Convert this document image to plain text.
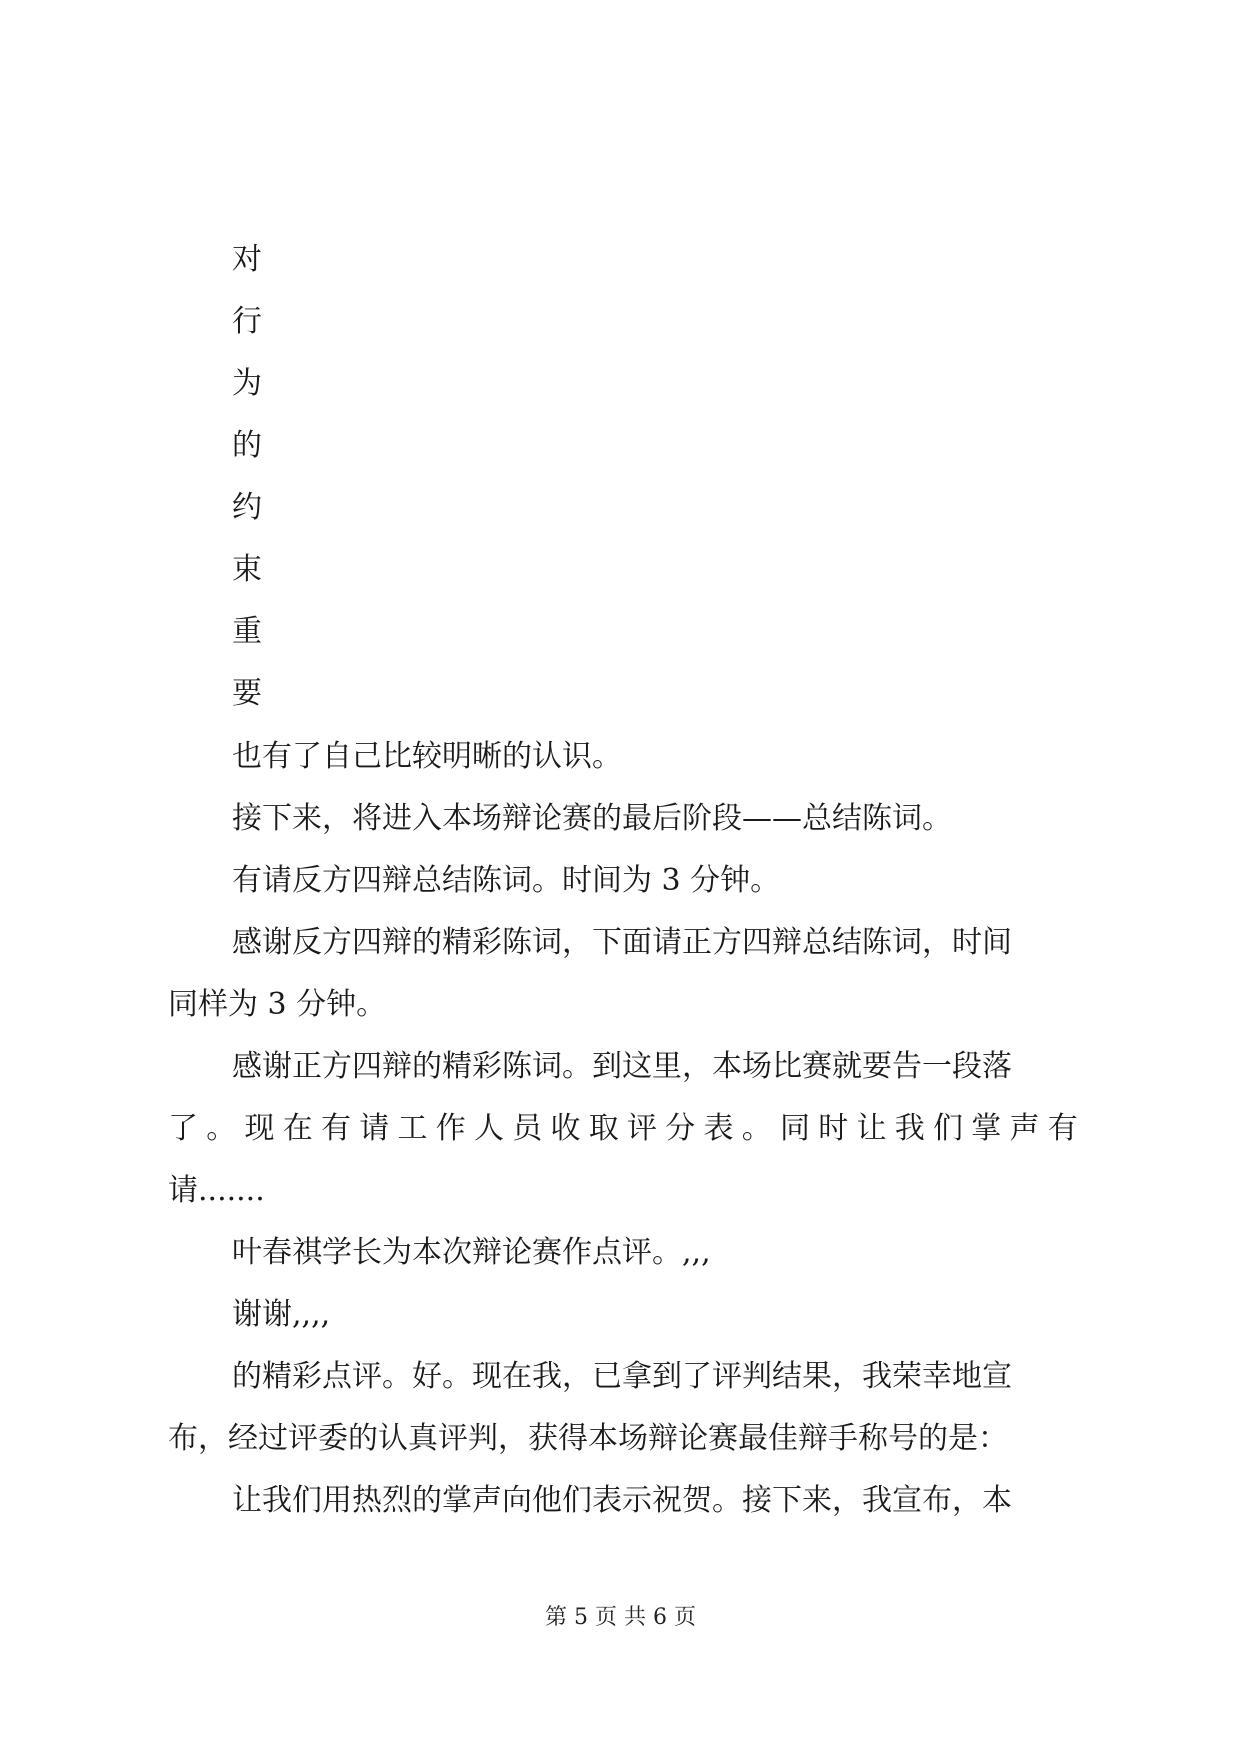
对
行
为
的
约
束
重
要
也有了自己比较明晰的认识。
接下来，将进入本场辩论赛的最后阶段——总结陈词。
有请反方四辩总结陈词。时间为 3 分钟。
感谢反方四辩的精彩陈词，下面请正方四辩总结陈词，时间
同样为 3 分钟。
感谢正方四辩的精彩陈词。到这里，本场比赛就要告一段落
了 。 现 在 有 请 工 作 人 员 收 取 评 分 表 。 同 时 让 我 们 掌 声 有
请.......
叶春祺学长为本次辩论赛作点评。,,,
谢谢,,,,
的精彩点评。好。现在我，已拿到了评判结果，我荣幸地宣
布，经过评委的认真评判，获得本场辩论赛最佳辩手称号的是：
让我们用热烈的掌声向他们表示祝贺。接下来，我宣布，本
第 5 页 共 6 页
